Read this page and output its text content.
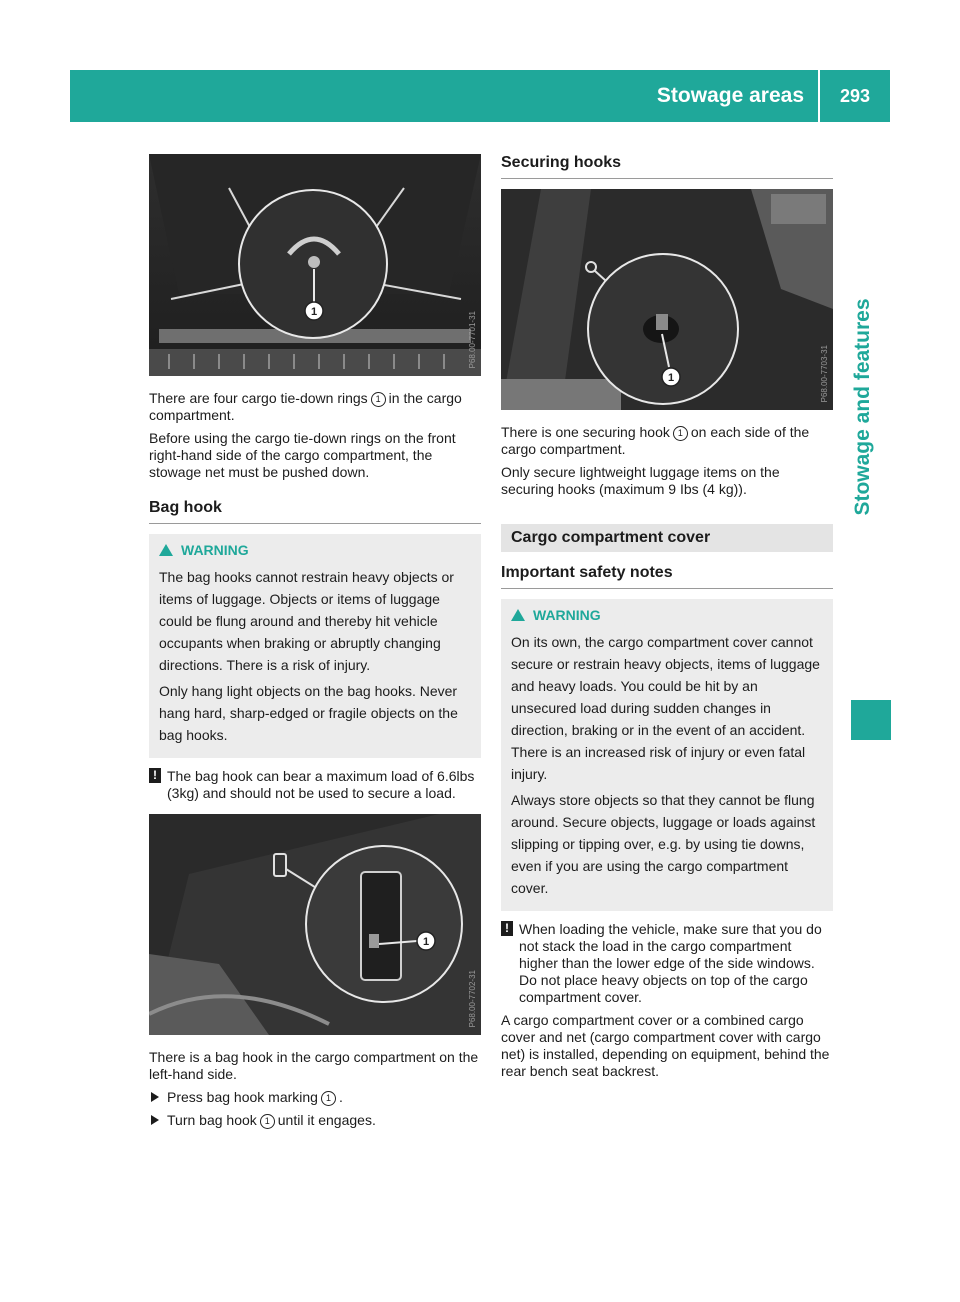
Stowage areas	293
Stowage and features
1	P68.00-7701-31

There are four cargo tie-down rings 1 in the cargo compartment.

Before using the cargo tie-down rings on the front right-hand side of the cargo compartment, the stowage net must be pushed down.

Bag hook
WARNING

The bag hooks cannot restrain heavy objects or items of luggage. Objects or items of luggage could be flung around and thereby hit vehicle occupants when braking or abruptly changing directions. There is a risk of injury.

Only hang light objects on the bag hooks. Never hang hard, sharp-edged or fragile objects on the bag hooks.

! The bag hook can bear a maximum load of 6.6lbs (3kg) and should not be used to secure a load.

1
P68.00-7702-31

There is a bag hook in the cargo compartment on the left-hand side.

Press bag hook marking 1 .

Turn bag hook 1 until it engages.

Securing hooks
1	P68.00-7703-31

There is one securing hook 1 on each side of the cargo compartment.

Only secure lightweight luggage items on the securing hooks (maximum 9 Ibs (4 kg)).

Cargo compartment cover
Important safety notes
WARNING

On its own, the cargo compartment cover cannot secure or restrain heavy objects, items of luggage and heavy loads. You could be hit by an unsecured load during sudden changes in direction, braking or in the event of an accident. There is an increased risk of injury or even fatal injury.

Always store objects so that they cannot be flung around. Secure objects, luggage or loads against slipping or tipping over, e.g. by using tie downs, even if you are using the cargo compartment cover.

! When loading the vehicle, make sure that you do not stack the load in the cargo compartment higher than the lower edge of the side windows. Do not place heavy objects on top of the cargo compartment cover.

A cargo compartment cover or a combined cargo cover and net (cargo compartment cover with cargo net) is installed, depending on equipment, behind the rear bench seat backrest.
